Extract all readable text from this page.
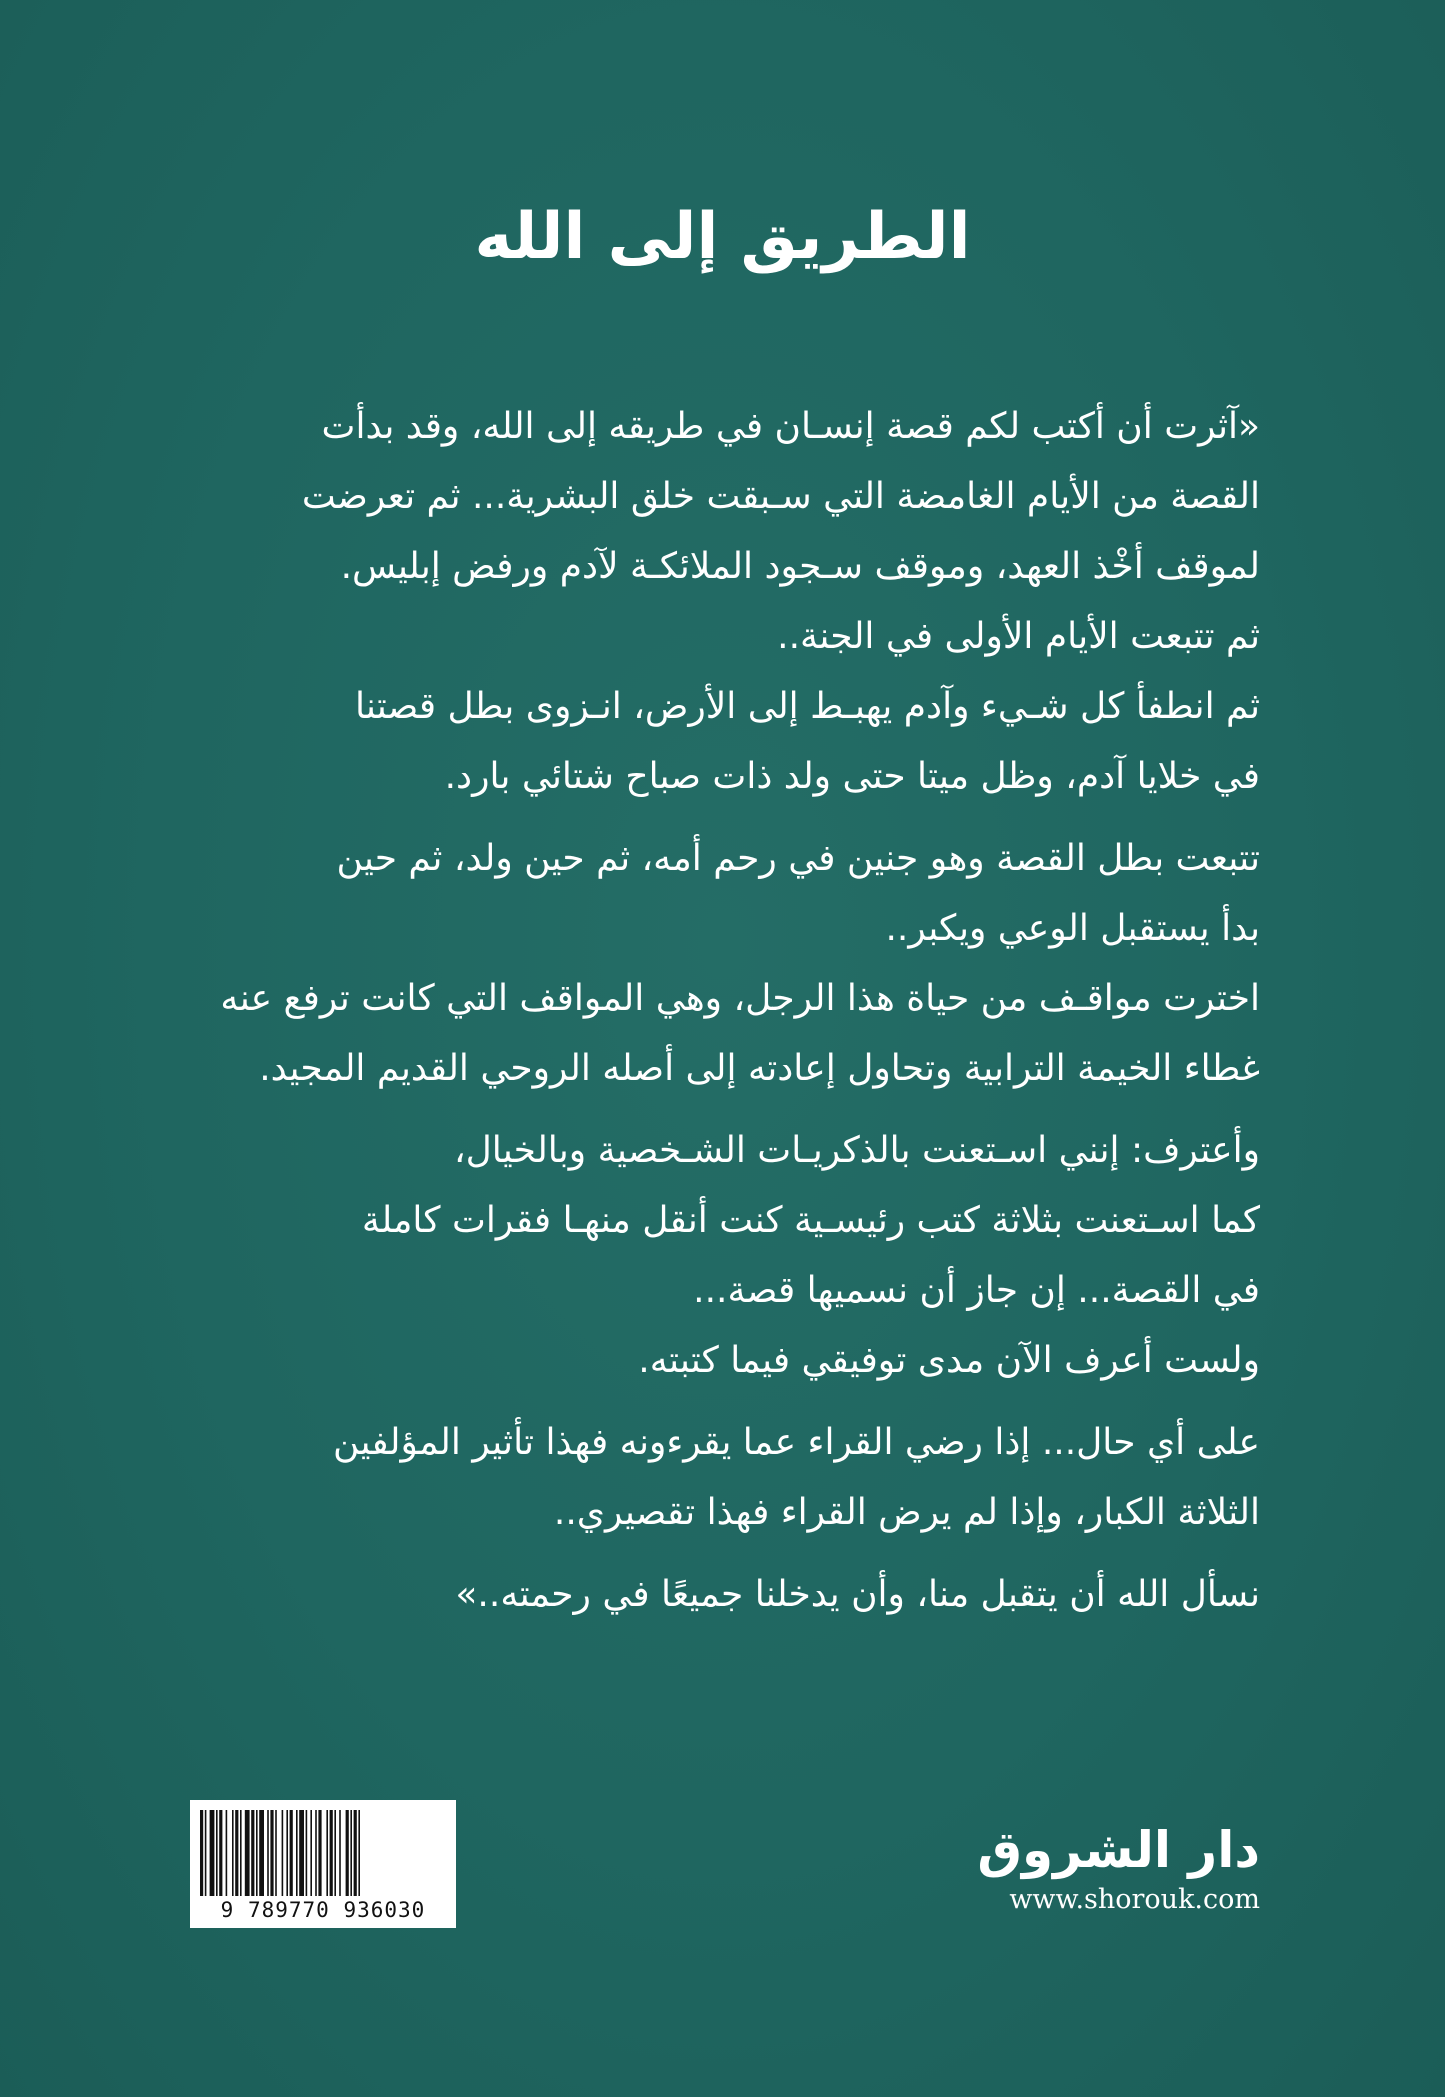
الطريق إلى الله

«آثرت أن أكتب لكم قصة إنسـان في طريقه إلى الله، وقد بدأت
القصة من الأيام الغامضة التي سـبقت خلق البشرية... ثم تعرضت
لموقف أخْذ العهد، وموقف سـجود الملائكـة لآدم ورفض إبليس.
ثم تتبعت الأيام الأولى في الجنة..
ثم انطفأ كل شـيء وآدم يهبـط إلى الأرض، انـزوى بطل قصتنا
في خلايا آدم، وظل ميتا حتى ولد ذات صباح شتائي بارد.

تتبعت بطل القصة وهو جنين في رحم أمه، ثم حين ولد، ثم حين
بدأ يستقبل الوعي ويكبر..
اخترت مواقـف من حياة هذا الرجل، وهي المواقف التي كانت ترفع عنه
غطاء الخيمة الترابية وتحاول إعادته إلى أصله الروحي القديم المجيد.

وأعترف: إنني اسـتعنت بالذكريـات الشـخصية وبالخيال،
كما اسـتعنت بثلاثة كتب رئيسـية كنت أنقل منهـا فقرات كاملة
في القصة... إن جاز أن نسميها قصة...
ولست أعرف الآن مدى توفيقي فيما كتبته.

على أي حال... إذا رضي القراء عما يقرءونه فهذا تأثير المؤلفين
الثلاثة الكبار، وإذا لم يرض القراء فهذا تقصيري..

نسأل الله أن يتقبل منا، وأن يدخلنا جميعًا في رحمته..»

9 789770 936030
دار الشروق
www.shorouk.com
